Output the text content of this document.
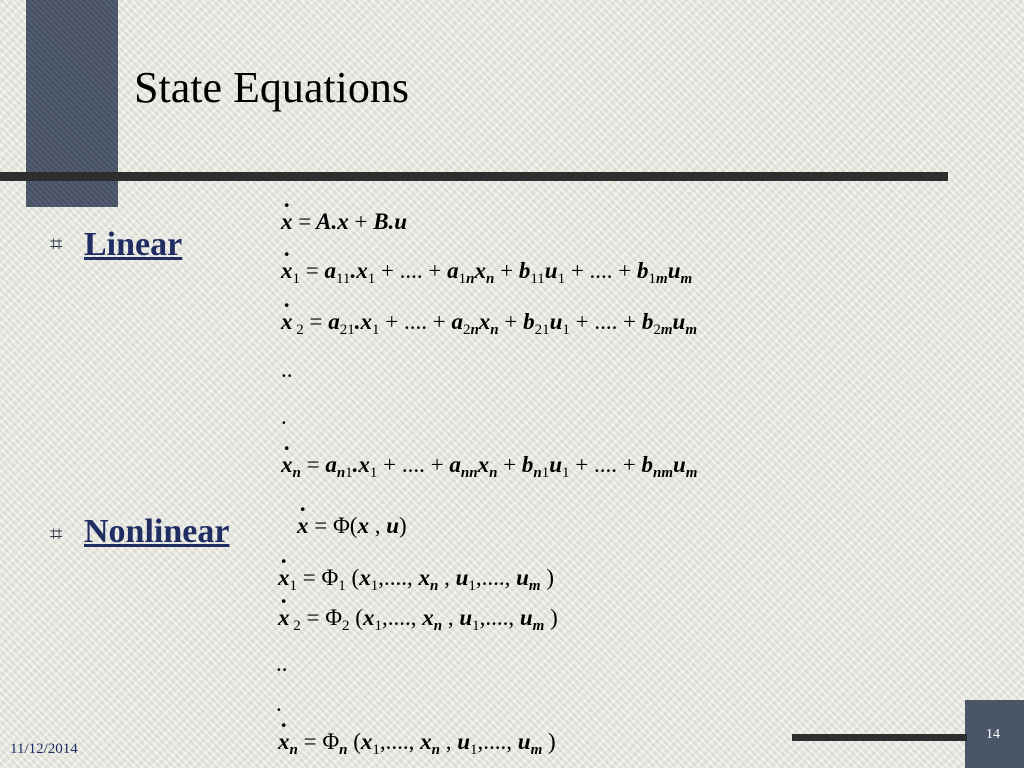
State Equations
⌗ Linear
· x = A.x + B.u
· $x_1 = a_{11}.x_1$ + .... + $a_{1n}x_n + b_{11}u_1$ + .... + $b_{1m}u_m$
· x $_2 = a_{21}.x_1$ + .... + $a_{2n}x_n + b_{21}u_1$ + .... + $b_{2m}u_m$
..
.
· $x_n = a_{n1}.x_1$ + .... + $a_{nn}x_n + b_{n1}u_1$ + .... + $b_{nm}u_m$
⌗ Nonlinear
·	x = Φ(x , u)
· $x_1 = \Phi_1$ ($x_1$,...., $x_n$ , $u_1$,...., $u_m$ )
· x $_2 = \Phi_2$ ($x_1$,...., $x_n$ , $u_1$,...., $u_m$ )
..
.
· $x_n = \Phi_n$ ($x_1$,...., $x_n$ , $u_1$,...., $u_m$ )	14
11/12/2014
